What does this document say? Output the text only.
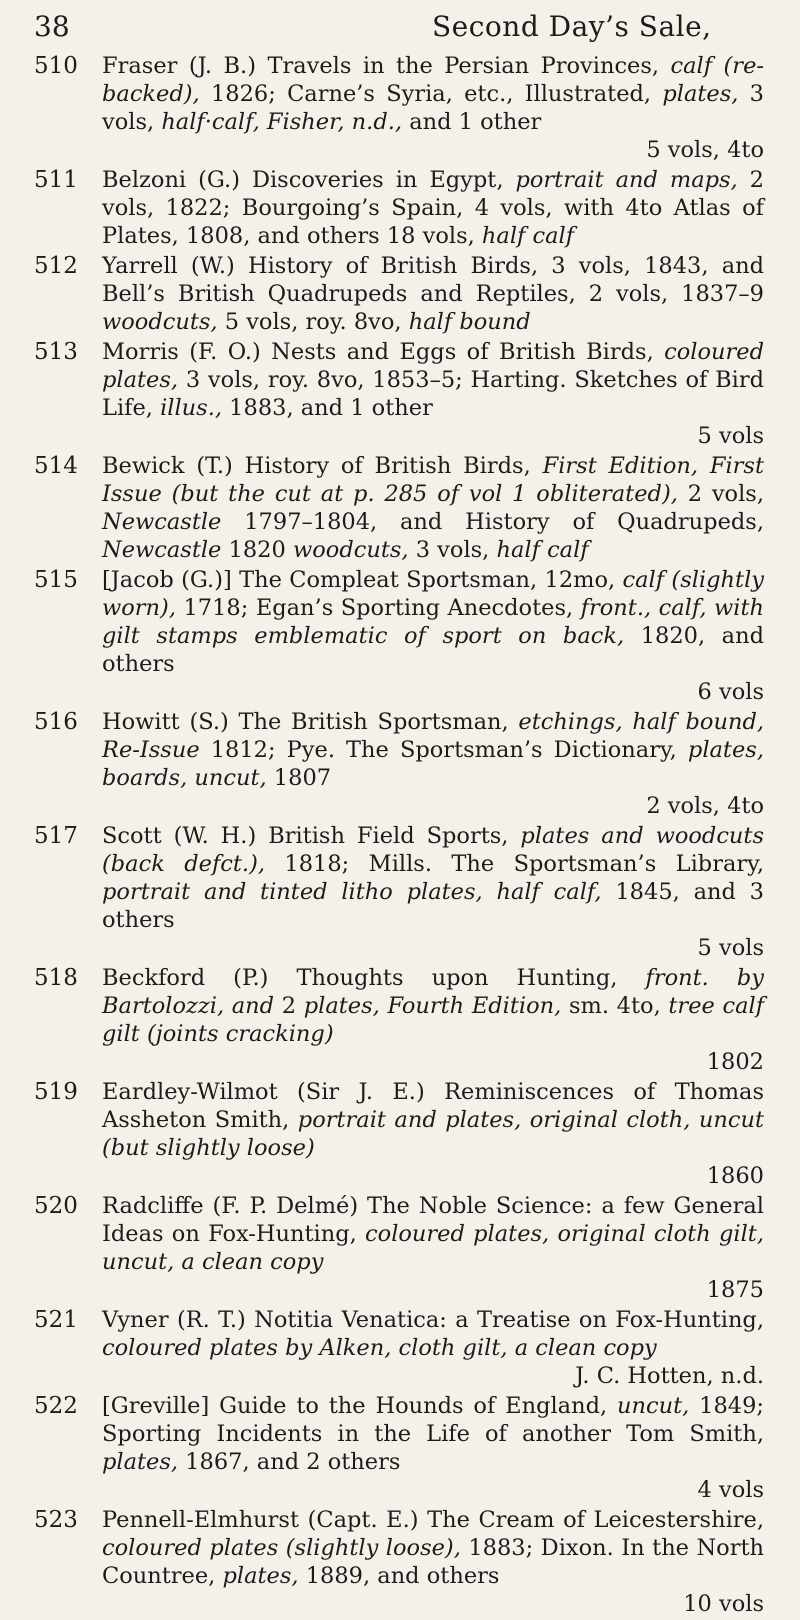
38	Second Day’s Sale,
510 Fraser (J. B.) Travels in the Persian Provinces, calf (re-backed), 1826; Carne’s Syria, etc., Illustrated, plates, 3 vols, half·calf, Fisher, n.d., and 1 other
5 vols, 4to
511 Belzoni (G.) Discoveries in Egypt, portrait and maps, 2 vols, 1822; Bourgoing’s Spain, 4 vols, with 4to Atlas of Plates, 1808, and others 18 vols, half calf
512 Yarrell (W.) History of British Birds, 3 vols, 1843, and Bell’s British Quadrupeds and Reptiles, 2 vols, 1837–9 woodcuts, 5 vols, roy. 8vo, half bound
513 Morris (F. O.) Nests and Eggs of British Birds, coloured plates, 3 vols, roy. 8vo, 1853–5; Harting. Sketches of Bird Life, illus., 1883, and 1 other
5 vols
514 Bewick (T.) History of British Birds, First Edition, First Issue (but the cut at p. 285 of vol 1 obliterated), 2 vols, Newcastle 1797–1804, and History of Quadrupeds, Newcastle 1820 woodcuts, 3 vols, half calf
515 [Jacob (G.)] The Compleat Sportsman, 12mo, calf (slightly worn), 1718; Egan’s Sporting Anecdotes, front., calf, with gilt stamps emblematic of sport on back, 1820, and others
6 vols
516 Howitt (S.) The British Sportsman, etchings, half bound, Re-Issue 1812; Pye. The Sportsman’s Dictionary, plates, boards, uncut, 1807
2 vols, 4to
517 Scott (W. H.) British Field Sports, plates and woodcuts (back defct.), 1818; Mills. The Sportsman’s Library, portrait and tinted litho plates, half calf, 1845, and 3 others
5 vols
518 Beckford (P.) Thoughts upon Hunting, front. by Bartolozzi, and 2 plates, Fourth Edition, sm. 4to, tree calf gilt (joints cracking)
1802
519 Eardley-Wilmot (Sir J. E.) Reminiscences of Thomas Assheton Smith, portrait and plates, original cloth, uncut (but slightly loose)
1860
520 Radcliffe (F. P. Delmé) The Noble Science: a few General Ideas on Fox-Hunting, coloured plates, original cloth gilt, uncut, a clean copy
1875
521 Vyner (R. T.) Notitia Venatica: a Treatise on Fox-Hunting, coloured plates by Alken, cloth gilt, a clean copy
J. C. Hotten, n.d.
522 [Greville] Guide to the Hounds of England, uncut, 1849; Sporting Incidents in the Life of another Tom Smith, plates, 1867, and 2 others
4 vols
523 Pennell-Elmhurst (Capt. E.) The Cream of Leicestershire, coloured plates (slightly loose), 1883; Dixon. In the North Countree, plates, 1889, and others
10 vols
